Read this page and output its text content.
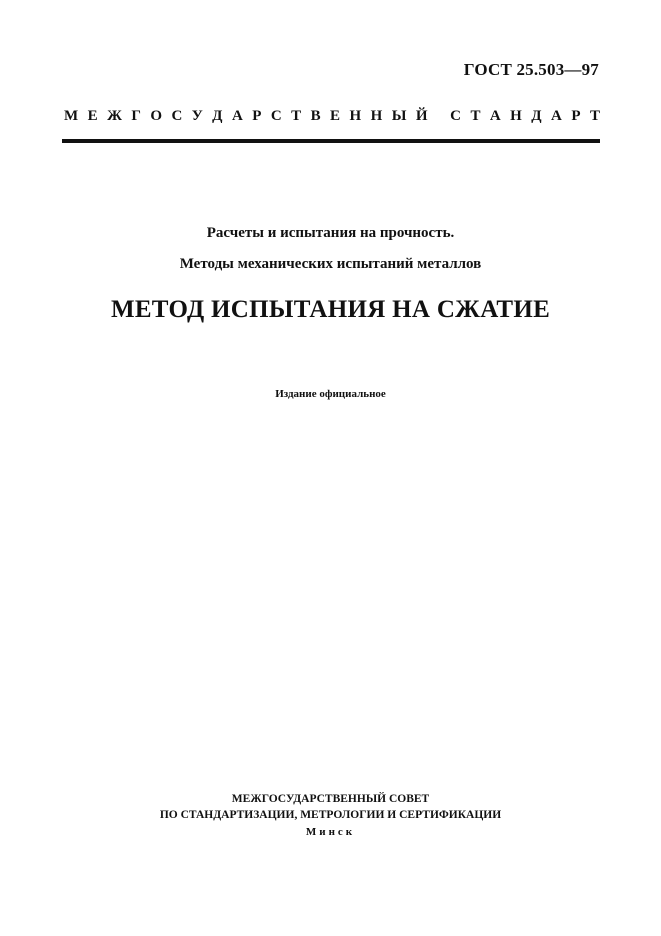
ГОСТ 25.503—97
М Е Ж Г О С У Д А Р С Т В Е Н Н Ы Й
С Т А Н Д А Р Т
Расчеты и испытания на прочность.
Методы механических испытаний металлов
МЕТОД ИСПЫТАНИЯ НА СЖАТИЕ
Издание официальное
МЕЖГОСУДАРСТВЕННЫЙ СОВЕТ
ПО СТАНДАРТИЗАЦИИ, МЕТРОЛОГИИ И СЕРТИФИКАЦИИ
Минск
